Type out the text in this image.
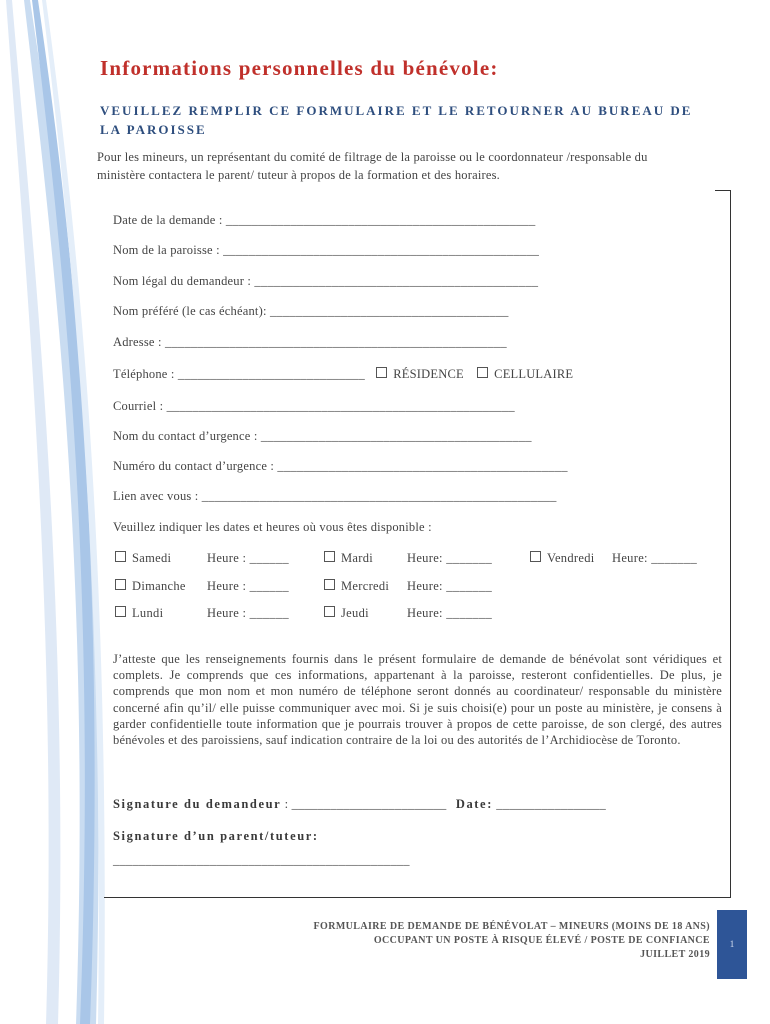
Informations personnelles du bénévole:
VEUILLEZ REMPLIR CE FORMULAIRE ET LE RETOURNER AU BUREAU DE LA PAROISSE
Pour les mineurs, un représentant du comité de filtrage de la paroisse ou le coordonnateur /responsable du ministère contactera le parent/ tuteur à propos de la formation et des horaires.
Date de la demande : ________________________________________________
Nom de la paroisse : _________________________________________________
Nom légal du demandeur : ____________________________________________
Nom préféré (le cas échéant): _____________________________________
Adresse : _____________________________________________________
Téléphone : _____________________________ RÉSIDENCE CELLULAIRE
Courriel : ______________________________________________________
Nom du contact d’urgence : __________________________________________
Numéro du contact d’urgence : _____________________________________________
Lien avec vous : _______________________________________________________
Veuillez indiquer les dates et heures où vous êtes disponible :
Samedi	Heure : ______	Mardi	Heure: _______	Vendredi Heure: _______
Dimanche Heure : ______	Mercredi Heure: _______
Lundi	Heure : ______	Jeudi	Heure: _______
J’atteste que les renseignements fournis dans le présent formulaire de demande de bénévolat sont véridiques et complets. Je comprends que ces informations, appartenant à la paroisse, resteront confidentielles. De plus, je comprends que mon nom et mon numéro de téléphone seront donnés au coordinateur/ responsable du ministère concerné afin qu’il/ elle puisse communiquer avec moi. Si je suis choisi(e) pour un poste au ministère, je consens à garder confidentielle toute information que je pourrais trouver à propos de cette paroisse, de son clergé, des autres bénévoles et des paroissiens, sauf indication contraire de la loi ou des autorités de l’Archidiocèse de Toronto.
Signature du demandeur : ________________________ Date: _________________
Signature d’un parent/tuteur:
______________________________________________
FORMULAIRE DE DEMANDE DE BÉNÉVOLAT – MINEURS (MOINS DE 18 ANS)
OCCUPANT UN POSTE À RISQUE ÉLEVÉ / POSTE DE CONFIANCE
JUILLET 2019
1
